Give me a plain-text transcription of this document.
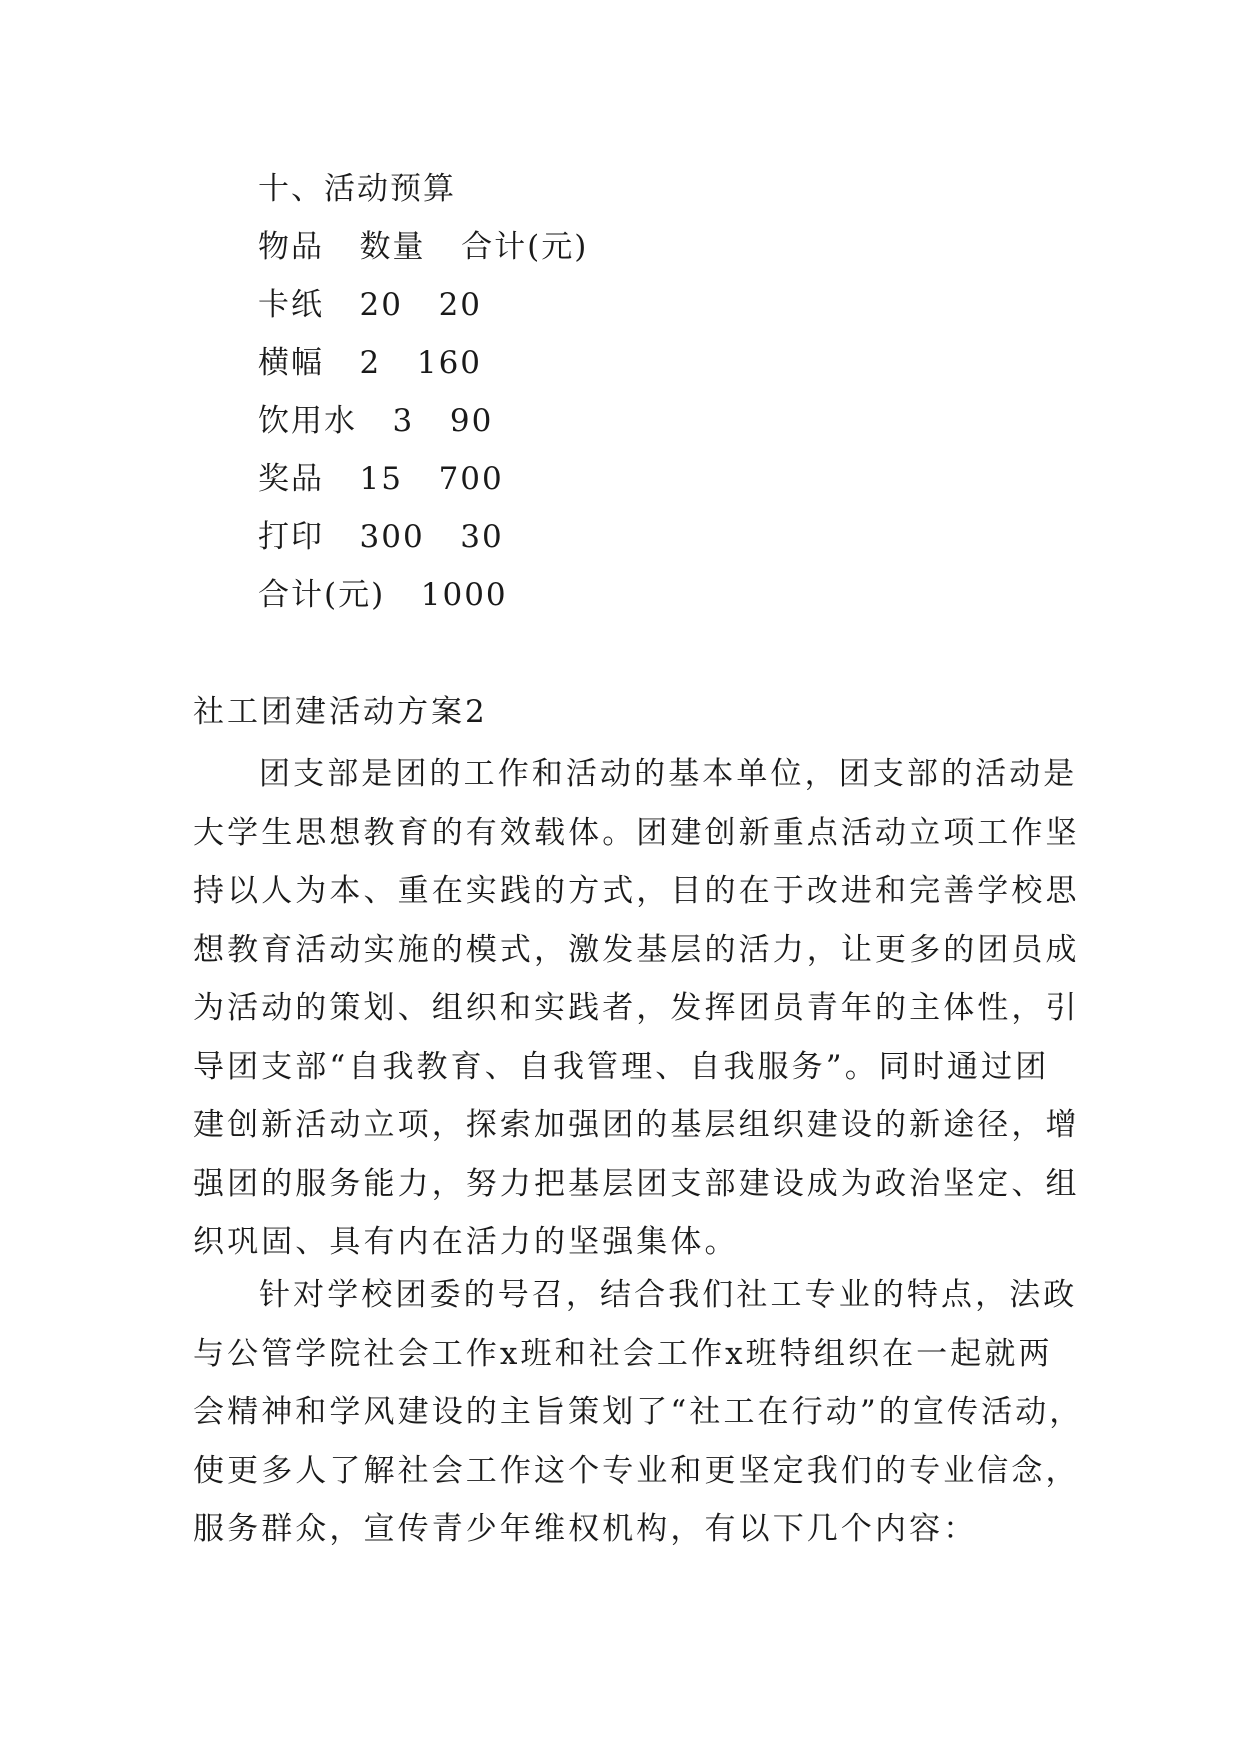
十、活动预算
物品   数量   合计(元)
卡纸   20   20
横幅   2   160
饮用水   3   90
奖品   15   700
打印   300   30
合计(元)   1000
社工团建活动方案2
团支部是团的工作和活动的基本单位，团支部的活动是
大学生思想教育的有效载体。团建创新重点活动立项工作坚
持以人为本、重在实践的方式，目的在于改进和完善学校思
想教育活动实施的模式，激发基层的活力，让更多的团员成
为活动的策划、组织和实践者，发挥团员青年的主体性，引
导团支部“自我教育、自我管理、自我服务”。同时通过团
建创新活动立项，探索加强团的基层组织建设的新途径，增
强团的服务能力，努力把基层团支部建设成为政治坚定、组
织巩固、具有内在活力的坚强集体。
针对学校团委的号召，结合我们社工专业的特点，法政
与公管学院社会工作x班和社会工作x班特组织在一起就两
会精神和学风建设的主旨策划了“社工在行动”的宣传活动，
使更多人了解社会工作这个专业和更坚定我们的专业信念，
服务群众，宣传青少年维权机构，有以下几个内容：
